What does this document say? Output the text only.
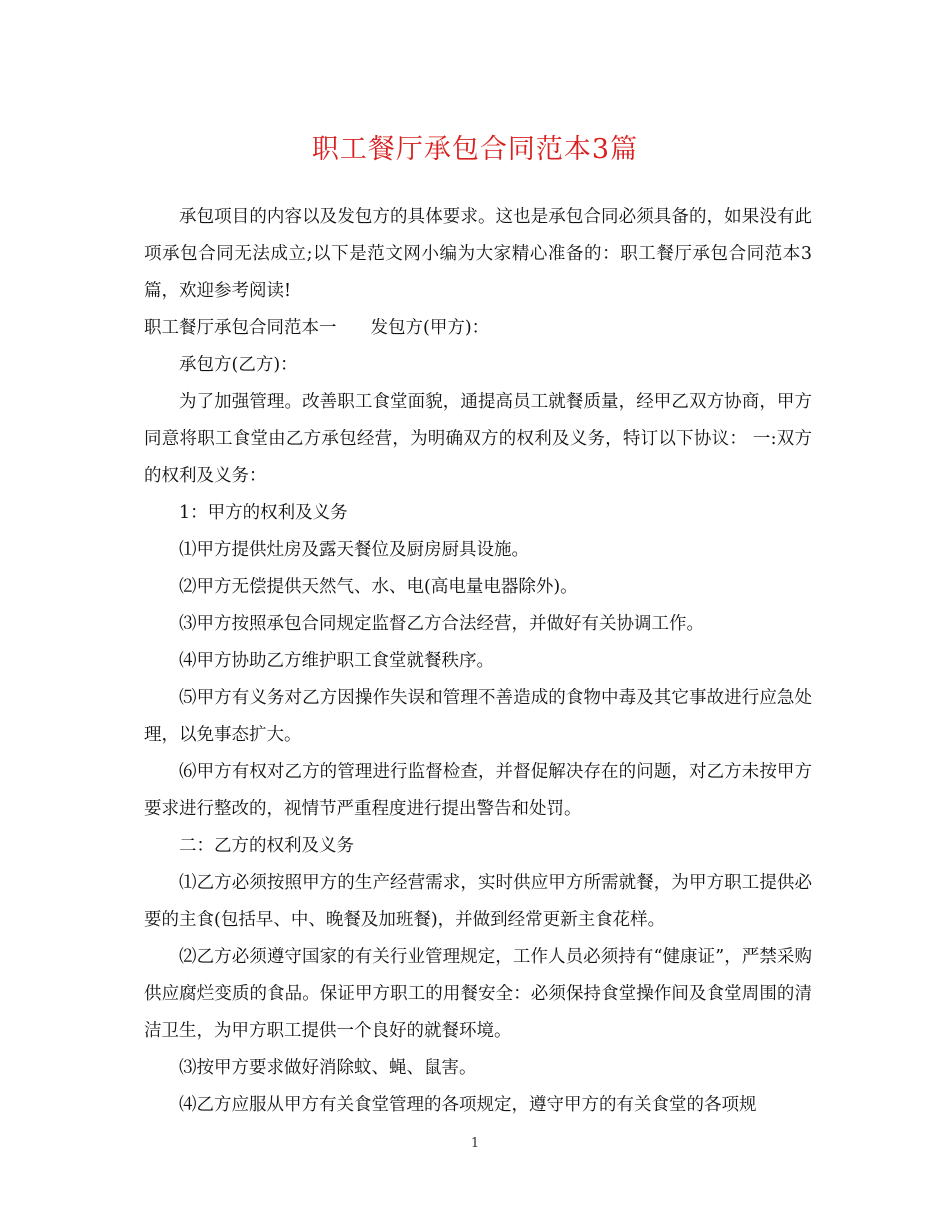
职工餐厅承包合同范本3篇

承包项目的内容以及发包方的具体要求。这也是承包合同必须具备的，如果没有此项承包合同无法成立;以下是范文网小编为大家精心准备的：职工餐厅承包合同范本3篇，欢迎参考阅读!

职工餐厅承包合同范本一 发包方(甲方)：

承包方(乙方)：

为了加强管理。改善职工食堂面貌，通提高员工就餐质量，经甲乙双方协商，甲方同意将职工食堂由乙方承包经营，为明确双方的权利及义务，特订以下协议： 一:双方的权利及义务：

1：甲方的权利及义务

⑴甲方提供灶房及露天餐位及厨房厨具设施。

⑵甲方无偿提供天然气、水、电(高电量电器除外)。

⑶甲方按照承包合同规定监督乙方合法经营，并做好有关协调工作。

⑷甲方协助乙方维护职工食堂就餐秩序。

⑸甲方有义务对乙方因操作失误和管理不善造成的食物中毒及其它事故进行应急处理，以免事态扩大。

⑹甲方有权对乙方的管理进行监督检查，并督促解决存在的问题，对乙方未按甲方要求进行整改的，视情节严重程度进行提出警告和处罚。

二：乙方的权利及义务

⑴乙方必须按照甲方的生产经营需求，实时供应甲方所需就餐，为甲方职工提供必要的主食(包括早、中、晚餐及加班餐)，并做到经常更新主食花样。

⑵乙方必须遵守国家的有关行业管理规定，工作人员必须持有“健康证”，严禁采购供应腐烂变质的食品。保证甲方职工的用餐安全：必须保持食堂操作间及食堂周围的清洁卫生，为甲方职工提供一个良好的就餐环境。

⑶按甲方要求做好消除蚊、蝇、鼠害。

⑷乙方应服从甲方有关食堂管理的各项规定，遵守甲方的有关食堂的各项规

1
